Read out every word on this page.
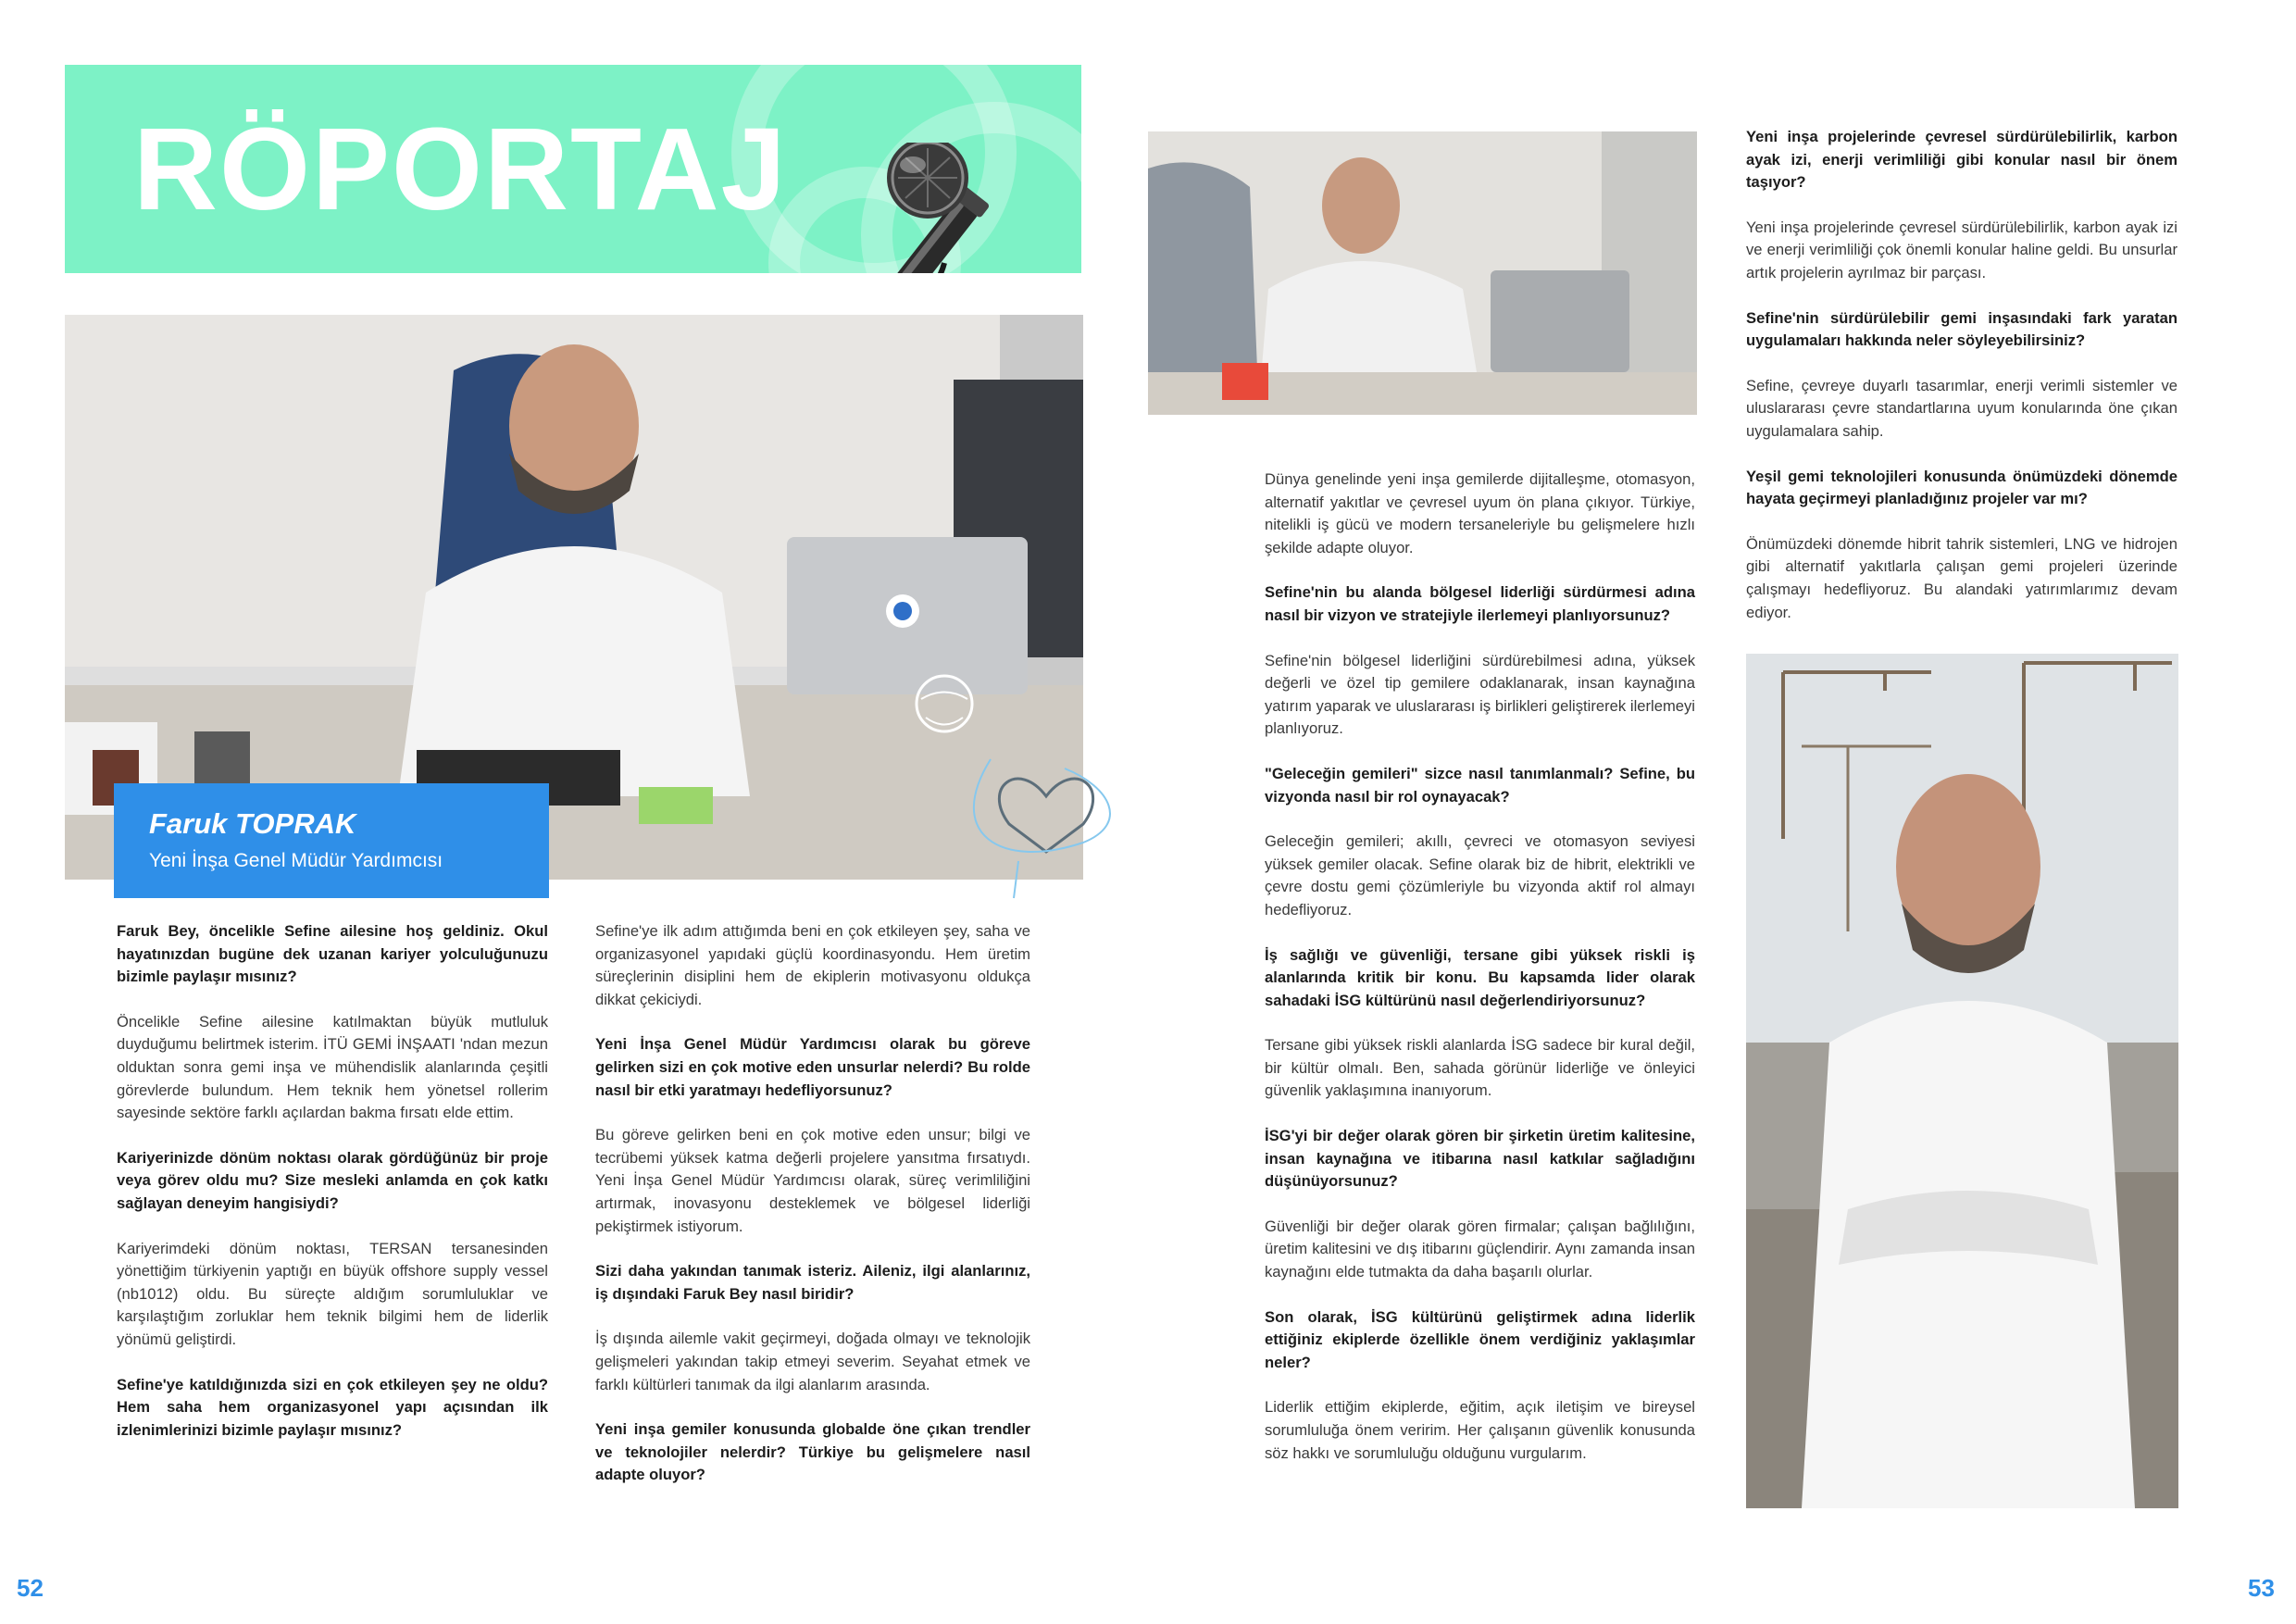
RÖPORTAJ
Faruk TOPRAK
Yeni İnşa Genel Müdür Yardımcısı

Faruk Bey, öncelikle Sefine ailesine hoş geldiniz. Okul hayatınızdan bugüne dek uzanan kariyer yolculuğunuzu bizimle paylaşır mısınız?

Öncelikle Sefine ailesine katılmaktan büyük mutluluk duyduğumu belirtmek isterim. İTÜ GEMİ İNŞAATI 'ndan mezun olduktan sonra gemi inşa ve mühendislik alanlarında çeşitli görevlerde bulundum. Hem teknik hem yönetsel rollerim sayesinde sektöre farklı açılardan bakma fırsatı elde ettim.

Kariyerinizde dönüm noktası olarak gördüğünüz bir proje veya görev oldu mu? Size mesleki anlamda en çok katkı sağlayan deneyim hangisiydi?

Kariyerimdeki dönüm noktası, TERSAN tersanesinden yönettiğim türkiyenin yaptığı en büyük offshore supply vessel (nb1012) oldu. Bu süreçte aldığım sorumluluklar ve karşılaştığım zorluklar hem teknik bilgimi hem de liderlik yönümü geliştirdi.

Sefine'ye katıldığınızda sizi en çok etkileyen şey ne oldu? Hem saha hem organizasyonel yapı açısından ilk izlenimlerinizi bizimle paylaşır mısınız?

Sefine'ye ilk adım attığımda beni en çok etkileyen şey, saha ve organizasyonel yapıdaki güçlü koordinasyondu. Hem üretim süreçlerinin disiplini hem de ekiplerin motivasyonu oldukça dikkat çekiciydi.

Yeni İnşa Genel Müdür Yardımcısı olarak bu göreve gelirken sizi en çok motive eden unsurlar nelerdi? Bu rolde nasıl bir etki yaratmayı hedefliyorsunuz?

Bu göreve gelirken beni en çok motive eden unsur; bilgi ve tecrübemi yüksek katma değerli projelere yansıtma fırsatıydı. Yeni İnşa Genel Müdür Yardımcısı olarak, süreç verimliliğini artırmak, inovasyonu desteklemek ve bölgesel liderliği pekiştirmek istiyorum.

Sizi daha yakından tanımak isteriz. Aileniz, ilgi alanlarınız, iş dışındaki Faruk Bey nasıl biridir?

İş dışında ailemle vakit geçirmeyi, doğada olmayı ve teknolojik gelişmeleri yakından takip etmeyi severim. Seyahat etmek ve farklı kültürleri tanımak da ilgi alanlarım arasında.

Yeni inşa gemiler konusunda globalde öne çıkan trendler ve teknolojiler nelerdir? Türkiye bu gelişmelere nasıl adapte oluyor?

Dünya genelinde yeni inşa gemilerde dijitalleşme, otomasyon, alternatif yakıtlar ve çevresel uyum ön plana çıkıyor. Türkiye, nitelikli iş gücü ve modern tersaneleriyle bu gelişmelere hızlı şekilde adapte oluyor.

Sefine'nin bu alanda bölgesel liderliği sürdürmesi adına nasıl bir vizyon ve stratejiyle ilerlemeyi planlıyorsunuz?

Sefine'nin bölgesel liderliğini sürdürebilmesi adına, yüksek değerli ve özel tip gemilere odaklanarak, insan kaynağına yatırım yaparak ve uluslararası iş birlikleri geliştirerek ilerlemeyi planlıyoruz.

"Geleceğin gemileri" sizce nasıl tanımlanmalı? Sefine, bu vizyonda nasıl bir rol oynayacak?

Geleceğin gemileri; akıllı, çevreci ve otomasyon seviyesi yüksek gemiler olacak. Sefine olarak biz de hibrit, elektrikli ve çevre dostu gemi çözümleriyle bu vizyonda aktif rol almayı hedefliyoruz.

İş sağlığı ve güvenliği, tersane gibi yüksek riskli iş alanlarında kritik bir konu. Bu kapsamda lider olarak sahadaki İSG kültürünü nasıl değerlendiriyorsunuz?

Tersane gibi yüksek riskli alanlarda İSG sadece bir kural değil, bir kültür olmalı. Ben, sahada görünür liderliğe ve önleyici güvenlik yaklaşımına inanıyorum.

İSG'yi bir değer olarak gören bir şirketin üretim kalitesine, insan kaynağına ve itibarına nasıl katkılar sağladığını düşünüyorsunuz?

Güvenliği bir değer olarak gören firmalar; çalışan bağlılığını, üretim kalitesini ve dış itibarını güçlendirir. Aynı zamanda insan kaynağını elde tutmakta da daha başarılı olurlar.

Son olarak, İSG kültürünü geliştirmek adına liderlik ettiğiniz ekiplerde özellikle önem verdiğiniz yaklaşımlar neler?

Liderlik ettiğim ekiplerde, eğitim, açık iletişim ve bireysel sorumluluğa önem veririm. Her çalışanın güvenlik konusunda söz hakkı ve sorumluluğu olduğunu vurgularım.

Yeni inşa projelerinde çevresel sürdürülebilirlik, karbon ayak izi, enerji verimliliği gibi konular nasıl bir önem taşıyor?

Yeni inşa projelerinde çevresel sürdürülebilirlik, karbon ayak izi ve enerji verimliliği çok önemli konular haline geldi. Bu unsurlar artık projelerin ayrılmaz bir parçası.

Sefine'nin sürdürülebilir gemi inşasındaki fark yaratan uygulamaları hakkında neler söyleyebilirsiniz?

Sefine, çevreye duyarlı tasarımlar, enerji verimli sistemler ve uluslararası çevre standartlarına uyum konularında öne çıkan uygulamalara sahip.

Yeşil gemi teknolojileri konusunda önümüzdeki dönemde hayata geçirmeyi planladığınız projeler var mı?

Önümüzdeki dönemde hibrit tahrik sistemleri, LNG ve hidrojen gibi alternatif yakıtlarla çalışan gemi projeleri üzerinde çalışmayı hedefliyoruz. Bu alandaki yatırımlarımız devam ediyor.

52	53
